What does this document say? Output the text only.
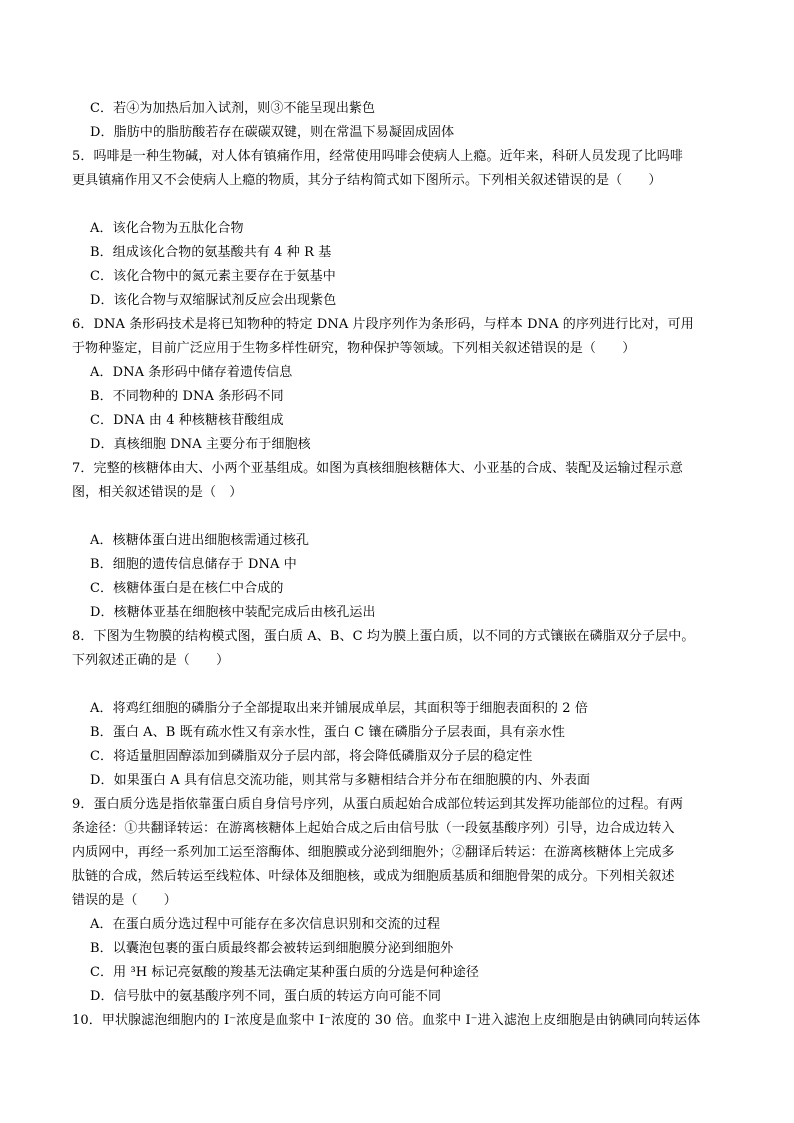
C．若④为加热后加入试剂，则③不能呈现出紫色
D．脂肪中的脂肪酸若存在碳碳双键，则在常温下易凝固成固体
5．吗啡是一种生物碱，对人体有镇痛作用，经常使用吗啡会使病人上瘾。近年来，科研人员发现了比吗啡
更具镇痛作用又不会使病人上瘾的物质，其分子结构简式如下图所示。下列相关叙述错误的是（　　）
A．该化合物为五肽化合物
B．组成该化合物的氨基酸共有 4 种 R 基
C．该化合物中的氮元素主要存在于氨基中
D．该化合物与双缩脲试剂反应会出现紫色
6．DNA 条形码技术是将已知物种的特定 DNA 片段序列作为条形码，与样本 DNA 的序列进行比对，可用
于物种鉴定，目前广泛应用于生物多样性研究，物种保护等领域。下列相关叙述错误的是（　　）
A．DNA 条形码中储存着遗传信息
B．不同物种的 DNA 条形码不同
C．DNA 由 4 种核糖核苷酸组成
D．真核细胞 DNA 主要分布于细胞核
7．完整的核糖体由大、小两个亚基组成。如图为真核细胞核糖体大、小亚基的合成、装配及运输过程示意
图，相关叙述错误的是（　）
A．核糖体蛋白进出细胞核需通过核孔
B．细胞的遗传信息储存于 DNA 中
C．核糖体蛋白是在核仁中合成的
D．核糖体亚基在细胞核中装配完成后由核孔运出
8．下图为生物膜的结构模式图，蛋白质 A、B、C 均为膜上蛋白质，以不同的方式镶嵌在磷脂双分子层中。
下列叙述正确的是（　　）
A．将鸡红细胞的磷脂分子全部提取出来并铺展成单层，其面积等于细胞表面积的 2 倍
B．蛋白 A、B 既有疏水性又有亲水性，蛋白 C 镶在磷脂分子层表面，具有亲水性
C．将适量胆固醇添加到磷脂双分子层内部，将会降低磷脂双分子层的稳定性
D．如果蛋白 A 具有信息交流功能，则其常与多糖相结合并分布在细胞膜的内、外表面
9．蛋白质分选是指依靠蛋白质自身信号序列，从蛋白质起始合成部位转运到其发挥功能部位的过程。有两
条途径：①共翻译转运：在游离核糖体上起始合成之后由信号肽（一段氨基酸序列）引导，边合成边转入
内质网中，再经一系列加工运至溶酶体、细胞膜或分泌到细胞外；②翻译后转运：在游离核糖体上完成多
肽链的合成，然后转运至线粒体、叶绿体及细胞核，或成为细胞质基质和细胞骨架的成分。下列相关叙述
错误的是（　　）
A．在蛋白质分选过程中可能存在多次信息识别和交流的过程
B．以囊泡包裹的蛋白质最终都会被转运到细胞膜分泌到细胞外
C．用 ³H 标记亮氨酸的羧基无法确定某种蛋白质的分选是何种途径
D．信号肽中的氨基酸序列不同，蛋白质的转运方向可能不同
10．甲状腺滤泡细胞内的 I⁻浓度是血浆中 I⁻浓度的 30 倍。血浆中 I⁻进入滤泡上皮细胞是由钠碘同向转运体
